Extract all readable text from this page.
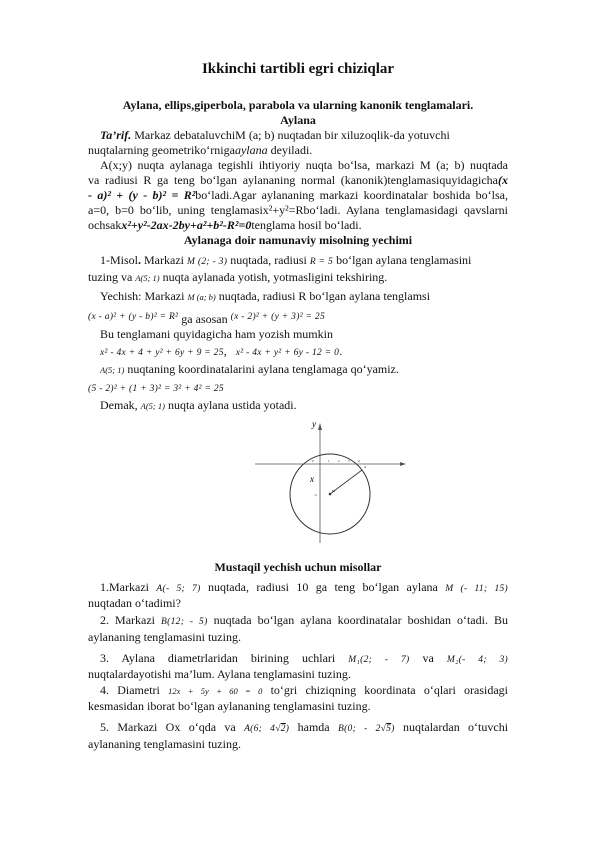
Ikkinchi tartibli egri chiziqlar
Aylana, ellips,giperbola, parabola va ularning kanonik tenglamalari.
Aylana
Ta’rif. Markaz debataluvchiM (a; b) nuqtadan bir xiluzoqlik-da yotuvchi
nuqtalarning geometriko‘rnigaaylana deyiladi.
A(x;y) nuqta aylanaga tegishli ihtiyoriy nuqta bo‘lsa, markazi M (a; b) nuqtada
va radiusi R ga teng bo‘lgan aylananing normal (kanonik)tenglamasiquyidagicha(x
- a)² + (y - b)² = R²bo‘ladi.Agar aylananing markazi koordinatalar boshida bo‘lsa,
a=0, b=0 bo‘lib, uning tenglamasix²+y²=Rbo‘ladi. Aylana tenglamasidagi qavslarni
ochsakx²+y²-2ax-2by+a²+b²-R²=0tenglama hosil bo‘ladi.
Aylanaga doir namunaviy misolning yechimi
1-Misol. Markazi M (2; - 3) nuqtada, radiusi R = 5 bo‘lgan aylana tenglamasini
tuzing va A(5; 1) nuqta aylanada yotish, yotmasligini tekshiring.
Yechish: Markazi M (a; b) nuqtada, radiusi R bo‘lgan aylana tenglamsi
(x - a)² + (y - b)² = R² ga asosan (x - 2)² + (y + 3)² = 25
Bu tenglamani quyidagicha ham yozish mumkin
x² - 4x + 4 + y² + 6y + 9 = 25,   x² - 4x + y² + 6y - 12 = 0.
A(5; 1) nuqtaning koordinatalarini aylana tenglamaga qo‘yamiz.
(5 - 2)² + (1 + 3)² = 3² + 4² = 25
Demak, A(5; 1) nuqta aylana ustida yotadi.
y
x
0	1	2	3	4
M
A
-3
Mustaqil yechish uchun misollar
1.Markazi A(- 5; 7) nuqtada, radiusi 10 ga teng bo‘lgan aylana M (- 11; 15)
nuqtadan o‘tadimi?
2. Markazi B(12; - 5) nuqtada bo‘lgan aylana koordinatalar boshidan o‘tadi. Bu
aylananing tenglamasini tuzing.
3. Aylana diametrlaridan birining uchlari M₁(2; - 7) va M₂(- 4; 3)
nuqtalardayotishi ma’lum. Aylana tenglamasini tuzing.
4. Diametri 12x + 5y + 60 = 0 to‘gri chiziqning koordinata o‘qlari orasidagi
kesmasidan iborat bo‘lgan aylananing tenglamasini tuzing.
5. Markazi Ox o‘qda va A(6; 4√2) hamda B(0; - 2√5) nuqtalardan o‘tuvchi
aylananing tenglamasini tuzing.
